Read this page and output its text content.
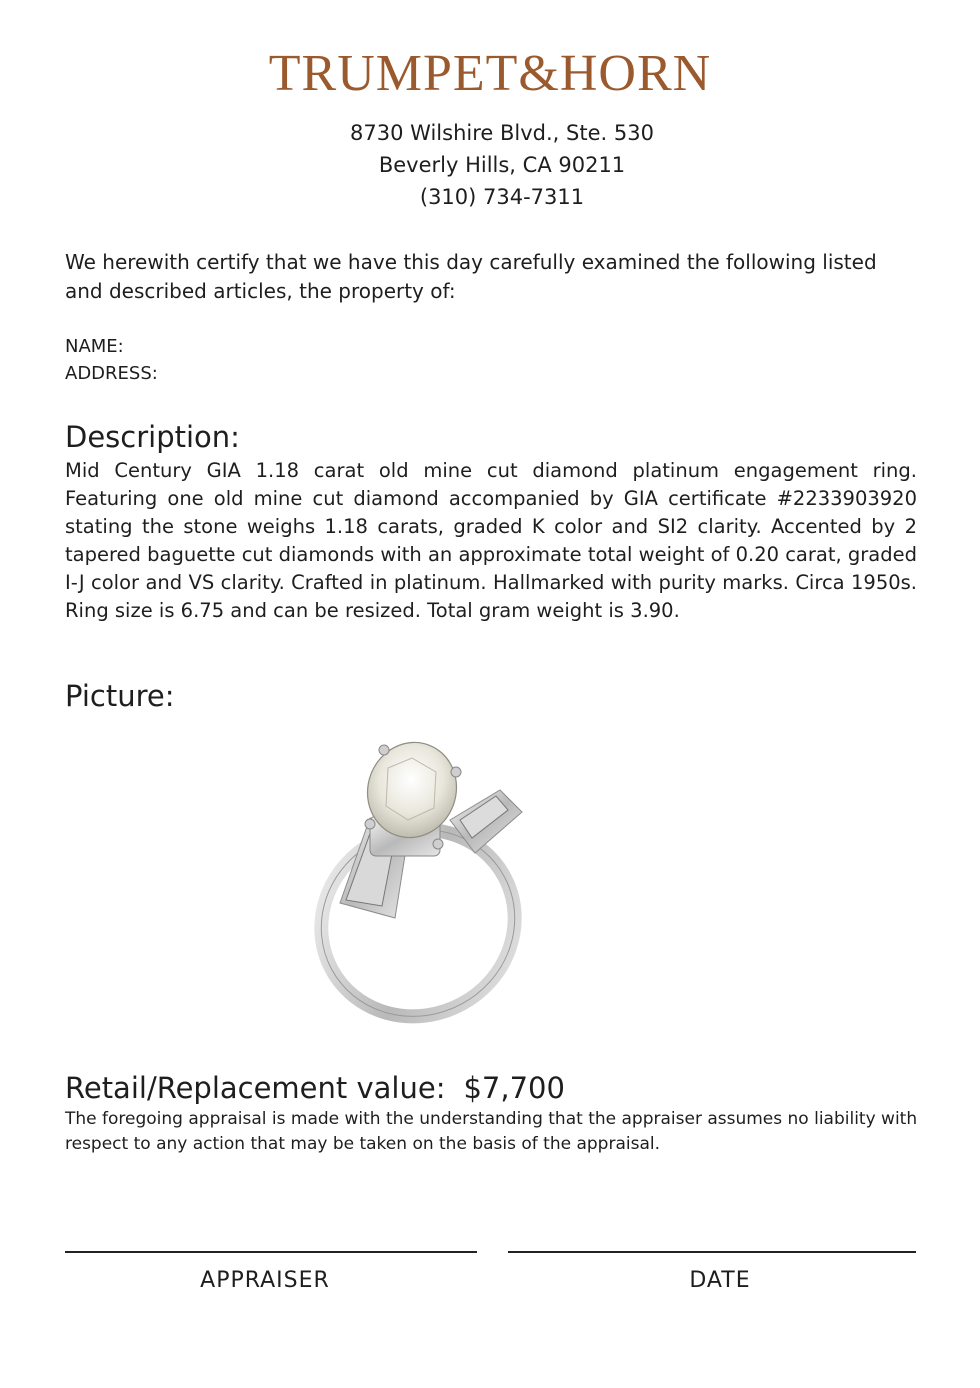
TRUMPET&HORN
8730 Wilshire Blvd., Ste. 530
Beverly Hills, CA 90211
(310) 734-7311
We herewith certify that we have this day carefully examined the following listed and described articles, the property of:
NAME:
ADDRESS:
Description:
Mid Century GIA 1.18 carat old mine cut diamond platinum engagement ring. Featuring one old mine cut diamond accompanied by GIA certificate #2233903920 stating the stone weighs 1.18 carats, graded K color and SI2 clarity. Accented by 2 tapered baguette cut diamonds with an approximate total weight of 0.20 carat, graded I-J color and VS clarity. Crafted in platinum. Hallmarked with purity marks. Circa 1950s. Ring size is 6.75 and can be resized. Total gram weight is 3.90.
Picture:
Retail/Replacement value: $7,700
The foregoing appraisal is made with the understanding that the appraiser assumes no liability with respect to any action that may be taken on the basis of the appraisal.
APPRAISER	DATE
